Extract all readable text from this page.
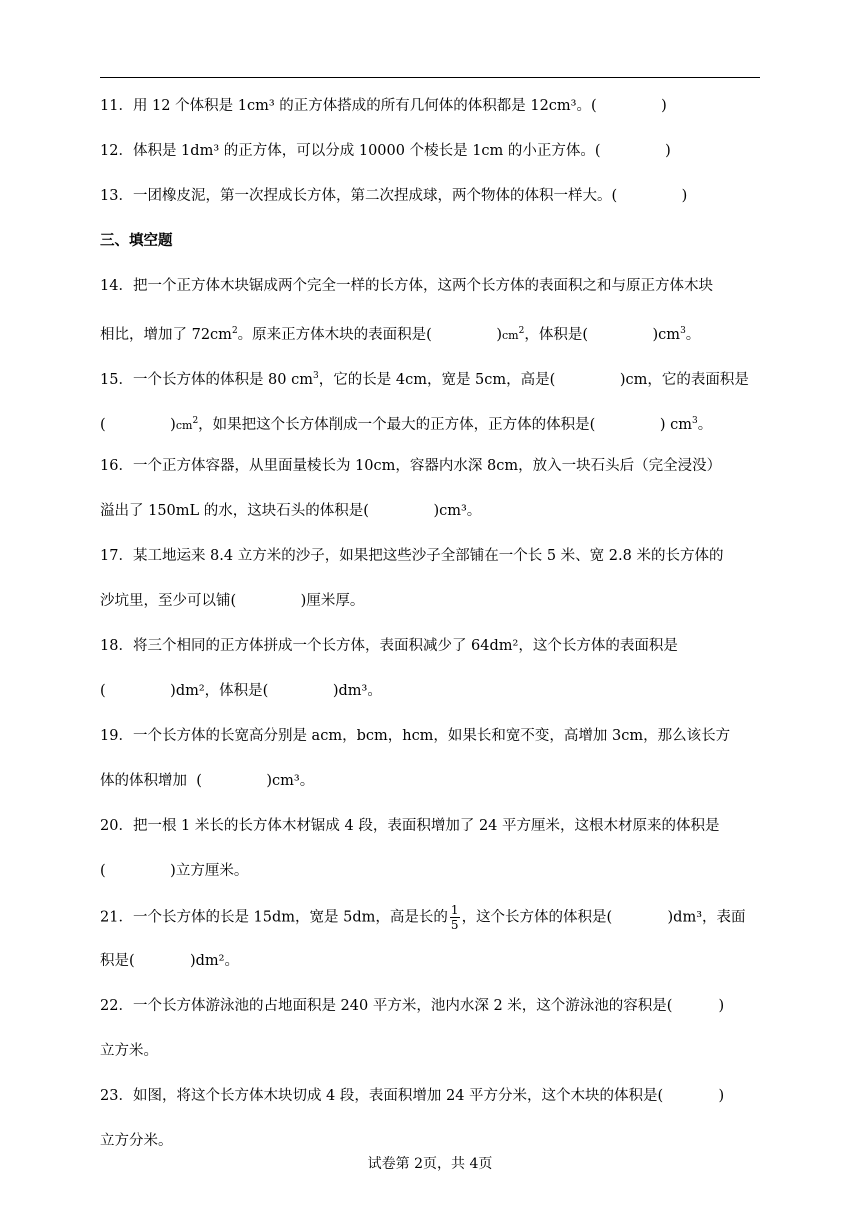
11．用 12 个体积是 1cm³ 的正方体搭成的所有几何体的体积都是 12cm³。(              )
12．体积是 1dm³ 的正方体，可以分成 10000 个棱长是 1cm 的小正方体。(              )
13．一团橡皮泥，第一次捏成长方体，第二次捏成球，两个物体的体积一样大。(              )
三、填空题
14．把一个正方体木块锯成两个完全一样的长方体，这两个长方体的表面积之和与原正方体木块
相比，增加了 $72cm^2$。原来正方体木块的表面积是(              )$cm^2$，体积是(              )$cm^3$。
15．一个长方体的体积是 80 $cm^3$，它的长是 4cm，宽是 5cm，高是(              )cm，它的表面积是
(              )$cm^2$，如果把这个长方体削成一个最大的正方体，正方体的体积是(              ) $cm^3$。
16．一个正方体容器，从里面量棱长为 10cm，容器内水深 8cm，放入一块石头后（完全浸没）
溢出了 150mL 的水，这块石头的体积是(              )cm³。
17．某工地运来 8.4 立方米的沙子，如果把这些沙子全部铺在一个长 5 米、宽 2.8 米的长方体的
沙坑里，至少可以铺(              )厘米厚。
18．将三个相同的正方体拼成一个长方体，表面积减少了 64dm²，这个长方体的表面积是
(              )dm²，体积是(              )dm³。
19．一个长方体的长宽高分别是 acm，bcm，hcm，如果长和宽不变，高增加 3cm，那么该长方
体的体积增加  (              )cm³。
20．把一根 1 米长的长方体木材锯成 4 段，表面积增加了 24 平方厘米，这根木材原来的体积是
(              )立方厘米。
21．一个长方体的长是 15dm，宽是 5dm，高是长的 $\frac{1}{5}$ ，这个长方体的体积是(            )dm³，表面
积是(            )dm²。
22．一个长方体游泳池的占地面积是 240 平方米，池内水深 2 米，这个游泳池的容积是(          )
立方米。
23．如图，将这个长方体木块切成 4 段，表面积增加 24 平方分米，这个木块的体积是(            )
立方分米。
试卷第 2页，共 4页
